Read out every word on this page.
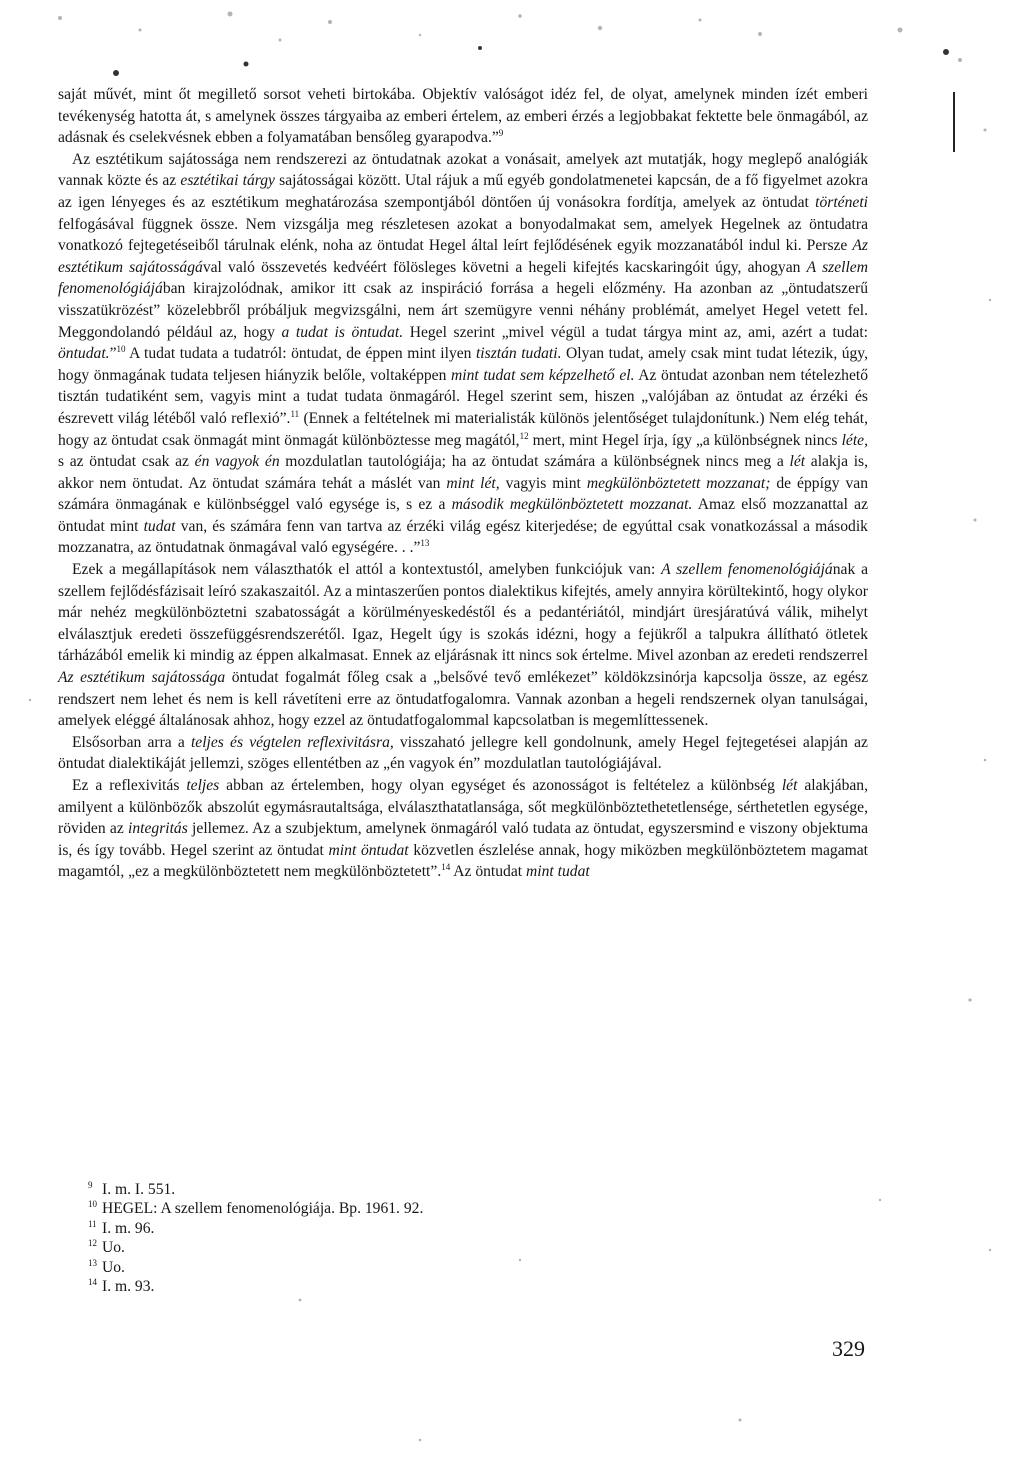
saját művét, mint őt megillető sorsot veheti birtokába. Objektív valóságot idéz fel, de olyat, amelynek minden ízét emberi tevékenység hatotta át, s amelynek összes tárgyaiba az emberi értelem, az emberi érzés a legjobbakat fektette bele önmagából, az adásnak és cselekvésnek ebben a folyamatában bensőleg gyarapodva.”$^9$

Az esztétikum sajátossága nem rendszerezi az öntudatnak azokat a vonásait, amelyek azt mutatják, hogy meglepő analógiák vannak közte és az esztétikai tárgy sajátosságai között. Utal rájuk a mű egyéb gondolatmenetei kapcsán, de a fő figyelmet azokra az igen lényeges és az esztétikum meghatározása szempontjából döntően új vonásokra fordítja, amelyek az öntudat történeti felfogásával függnek össze. Nem vizsgálja meg részletesen azokat a bonyodalmakat sem, amelyek Hegelnek az öntudatra vonatkozó fejtegetéseiből tárulnak elénk, noha az öntudat Hegel által leírt fejlődésének egyik mozzanatából indul ki. Persze Az esztétikum sajátosságával való összevetés kedvéért fölösleges követni a hegeli kifejtés kacskaringóit úgy, ahogyan A szellem fenomenológiájában kirajzolódnak, amikor itt csak az inspiráció forrása a hegeli előzmény. Ha azonban az „öntudatszerű visszatükrözést” közelebbről próbáljuk megvizsgálni, nem árt szemügyre venni néhány problémát, amelyet Hegel vetett fel. Meggondolandó például az, hogy a tudat is öntudat. Hegel szerint „mivel végül a tudat tárgya mint az, ami, azért a tudat: öntudat.”$^{10}$ A tudat tudata a tudatról: öntudat, de éppen mint ilyen tisztán tudati. Olyan tudat, amely csak mint tudat létezik, úgy, hogy önmagának tudata teljesen hiányzik belőle, voltaképpen mint tudat sem képzelhető el. Az öntudat azonban nem tételezhető tisztán tudatiként sem, vagyis mint a tudat tudata önmagáról. Hegel szerint sem, hiszen „valójában az öntudat az érzéki és észrevett világ létéből való reflexió”.$^{11}$ (Ennek a feltételnek mi materialisták különös jelentőséget tulajdonítunk.) Nem elég tehát, hogy az öntudat csak önmagát mint önmagát különböztesse meg magától,$^{12}$ mert, mint Hegel írja, így „a különbségnek nincs léte, s az öntudat csak az én vagyok én mozdulatlan tautológiája; ha az öntudat számára a különbségnek nincs meg a lét alakja is, akkor nem öntudat. Az öntudat számára tehát a máslét van mint lét, vagyis mint megkülönböztetett mozzanat; de éppígy van számára önmagának e különbséggel való egysége is, s ez a második megkülönböztetett mozzanat. Amaz első mozzanattal az öntudat mint tudat van, és számára fenn van tartva az érzéki világ egész kiterjedése; de egyúttal csak vonatkozással a második mozzanatra, az öntudatnak önmagával való egységére. . .”$^{13}$

Ezek a megállapítások nem választhatók el attól a kontextustól, amelyben funkciójuk van: A szellem fenomenológiájának a szellem fejlődésfázisait leíró szakaszaitól. Az a mintaszerűen pontos dialektikus kifejtés, amely annyira körültekintő, hogy olykor már nehéz megkülönböztetni szabatosságát a körülményeskedéstől és a pedantériától, mindjárt üresjáratúvá válik, mihelyt elválasztjuk eredeti összefüggésrendszerétől. Igaz, Hegelt úgy is szokás idézni, hogy a fejükről a talpukra állítható ötletek tárházából emelik ki mindig az éppen alkalmasat. Ennek az eljárásnak itt nincs sok értelme. Mivel azonban az eredeti rendszerrel Az esztétikum sajátossága öntudat fogalmát főleg csak a „belsővé tevő emlékezet” köldökzsinórja kapcsolja össze, az egész rendszert nem lehet és nem is kell rávetíteni erre az öntudatfogalomra. Vannak azonban a hegeli rendszernek olyan tanulságai, amelyek eléggé általánosak ahhoz, hogy ezzel az öntudatfogalommal kapcsolatban is megemlíttessenek.

Elsősorban arra a teljes és végtelen reflexivitásra, visszaható jellegre kell gondolnunk, amely Hegel fejtegetései alapján az öntudat dialektikáját jellemzi, szöges ellentétben az „én vagyok én” mozdulatlan tautológiájával.

Ez a reflexivitás teljes abban az értelemben, hogy olyan egységet és azonosságot is feltételez a különbség lét alakjában, amilyent a különbözők abszolút egymásrautaltsága, elválaszthatatlansága, sőt megkülönböztethetetlensége, sérthetetlen egysége, röviden az integritás jellemez. Az a szubjektum, amelynek önmagáról való tudata az öntudat, egyszersmind e viszony objektuma is, és így tovább. Hegel szerint az öntudat mint öntudat közvetlen észlelése annak, hogy miközben megkülönböztetem magamat magamtól, „ez a megkülönböztetett nem megkülönböztetett”.$^{14}$ Az öntudat mint tudat

9 I. m. I. 551.
10 HEGEL: A szellem fenomenológiája. Bp. 1961. 92.
11 I. m. 96.
12 Uo.
13 Uo.
14 I. m. 93.
329
